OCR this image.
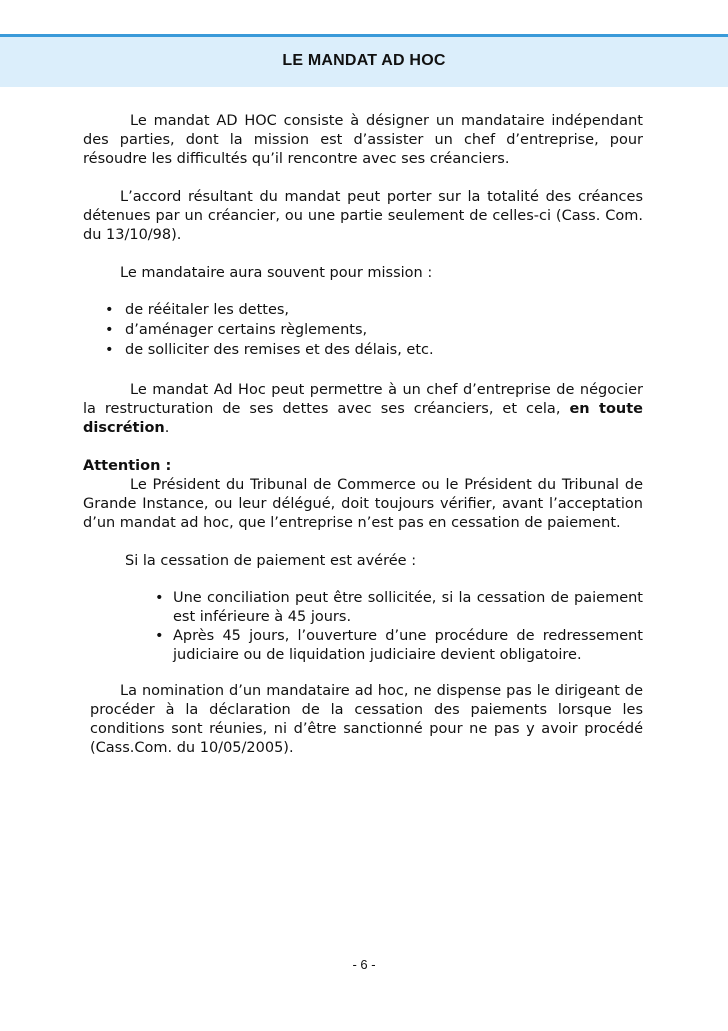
LE MANDAT AD HOC

Le mandat AD HOC consiste à désigner un mandataire indépendant des parties, dont la mission est d’assister un chef d’entreprise, pour résoudre les difficultés qu’il rencontre avec ses créanciers.

L’accord résultant du mandat peut porter sur la totalité des créances détenues par un créancier, ou une partie seulement de celles-ci (Cass. Com. du 13/10/98).

Le mandataire aura souvent pour mission :

• de rééitaler les dettes,
• d’aménager certains règlements,
• de solliciter des remises et des délais, etc.

Le mandat Ad Hoc peut permettre à un chef d’entreprise de négocier la restructuration de ses dettes avec ses créanciers, et cela, en toute discrétion.

Attention :

Le Président du Tribunal de Commerce ou le Président du Tribunal de Grande Instance, ou leur délégué, doit toujours vérifier, avant l’acceptation d’un mandat ad hoc, que l’entreprise n’est pas en cessation de paiement.

Si la cessation de paiement est avérée :

• Une conciliation peut être sollicitée, si la cessation de paiement est inférieure à 45 jours.
• Après 45 jours, l’ouverture d’une procédure de redressement judiciaire ou de liquidation judiciaire devient obligatoire.

La nomination d’un mandataire ad hoc, ne dispense pas le dirigeant de procéder à la déclaration de la cessation des paiements lorsque les conditions sont réunies, ni d’être sanctionné pour ne pas y avoir procédé (Cass.Com. du 10/05/2005).

- 6 -
